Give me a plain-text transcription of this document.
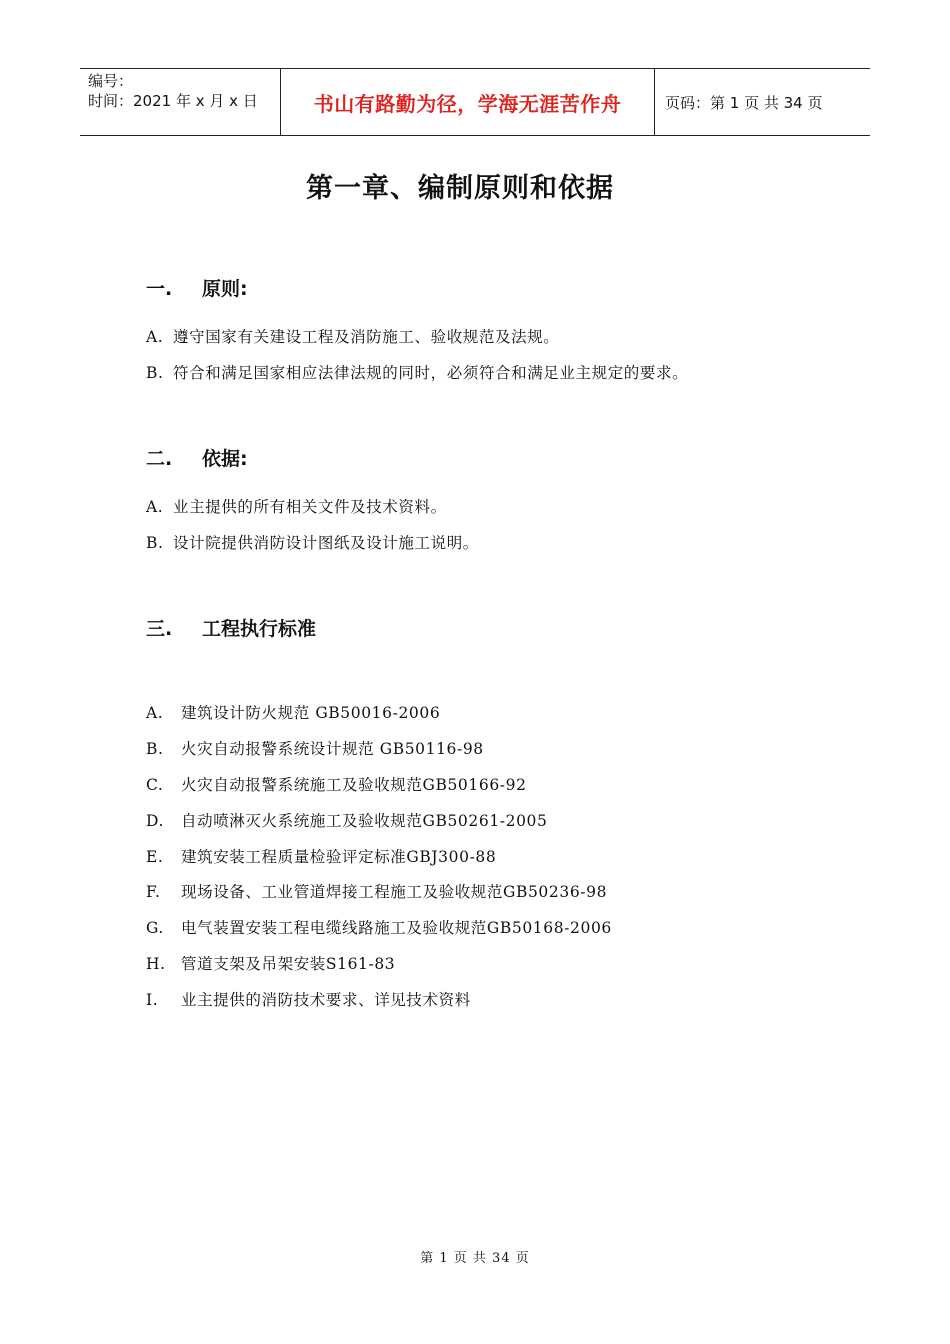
编号：
时间：2021 年 x 月 x 日	书山有路勤为径，学海无涯苦作舟	页码：第 1 页 共 34 页
第一章、编制原则和依据
一. 原则:
A. 遵守国家有关建设工程及消防施工、验收规范及法规。
B. 符合和满足国家相应法律法规的同时，必须符合和满足业主规定的要求。
二. 依据:
A. 业主提供的所有相关文件及技术资料。
B. 设计院提供消防设计图纸及设计施工说明。
三. 工程执行标准
A. 建筑设计防火规范 GB50016-2006
B. 火灾自动报警系统设计规范 GB50116-98
C. 火灾自动报警系统施工及验收规范GB50166-92
D. 自动喷淋灭火系统施工及验收规范GB50261-2005
E. 建筑安装工程质量检验评定标准GBJ300-88
F. 现场设备、工业管道焊接工程施工及验收规范GB50236-98
G. 电气装置安装工程电缆线路施工及验收规范GB50168-2006
H. 管道支架及吊架安装S161-83
I. 业主提供的消防技术要求、详见技术资料
第 1 页 共 34 页
